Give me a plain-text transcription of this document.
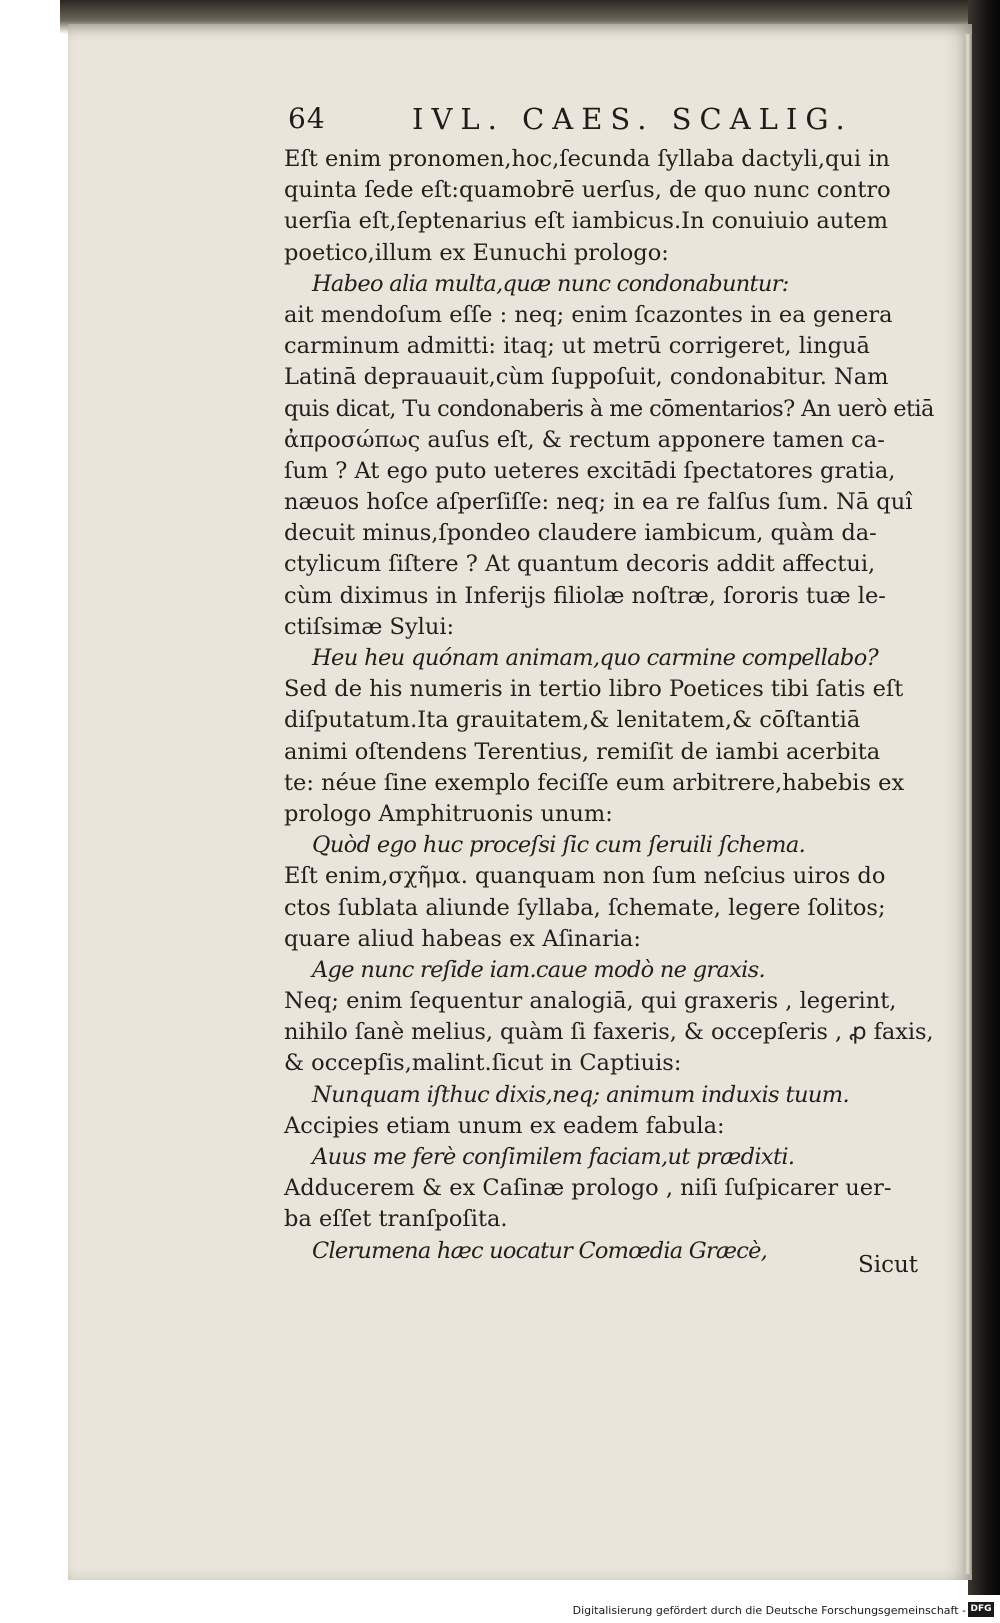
64	IVL. CAES. SCALIG.
Eſt enim pronomen,hoc,ſecunda ſyllaba dactyli,qui in
quinta ſede eſt:quamobrē uerſus, de quo nunc contro
uerſia eſt,ſeptenarius eſt iambicus.In conuiuio autem
poetico,illum ex Eunuchi prologo:
Habeo alia multa,quæ nunc condonabuntur:
ait mendoſum eſſe : neq; enim ſcazontes in ea genera
carminum admitti: itaq; ut metrū corrigeret, linguā
Latinā deprauauit,cùm ſuppoſuit, condonabitur. Nam
quis dicat, Tu condonaberis à me cōmentarios? An uerò etiā
ἀπροσώπως auſus eſt, & rectum apponere tamen ca-
ſum ? At ego puto ueteres excitādi ſpectatores gratia,
næuos hoſce aſperſiſſe: neq; in ea re falſus ſum. Nā quî
decuit minus,ſpondeo claudere iambicum, quàm da-
ctylicum ſiſtere ? At quantum decoris addit affectui,
cùm diximus in Inferijs filiolæ noſtræ, ſororis tuæ le-
ctiſsimæ Sylui:
Heu heu quónam animam,quo carmine compellabo?
Sed de his numeris in tertio libro Poetices tibi ſatis eſt
diſputatum.Ita grauitatem,& lenitatem,& cōſtantiā
animi oſtendens Terentius, remiſit de iambi acerbita
te: néue ſine exemplo feciſſe eum arbitrere,habebis ex
prologo Amphitruonis unum:
Quòd ego huc proceſsi ſic cum ſeruili ſchema.
Eſt enim,σχῆμα. quanquam non ſum neſcius uiros do
ctos ſublata aliunde ſyllaba, ſchemate, legere ſolitos;
quare aliud habeas ex Aſinaria:
Age nunc reſide iam.caue modò ne graxis.
Neq; enim ſequentur analogiā, qui graxeris , legerint,
nihilo ſanè melius, quàm ſi faxeris, & occepſeris , ꝓ faxis,
& occepſis,malint.ſicut in Captiuis:
Nunquam iſthuc dixis,neq; animum induxis tuum.
Accipies etiam unum ex eadem fabula:
Auus me ferè conſimilem faciam,ut prædixti.
Adducerem & ex Caſinæ prologo , niſi ſuſpicarer uer-
ba eſſet tranſpoſita.
Clerumena hæc uocatur Comœdia Græcè,
Sicut
Digitalisierung gefördert durch die Deutsche Forschungsgemeinschaft - DFG
